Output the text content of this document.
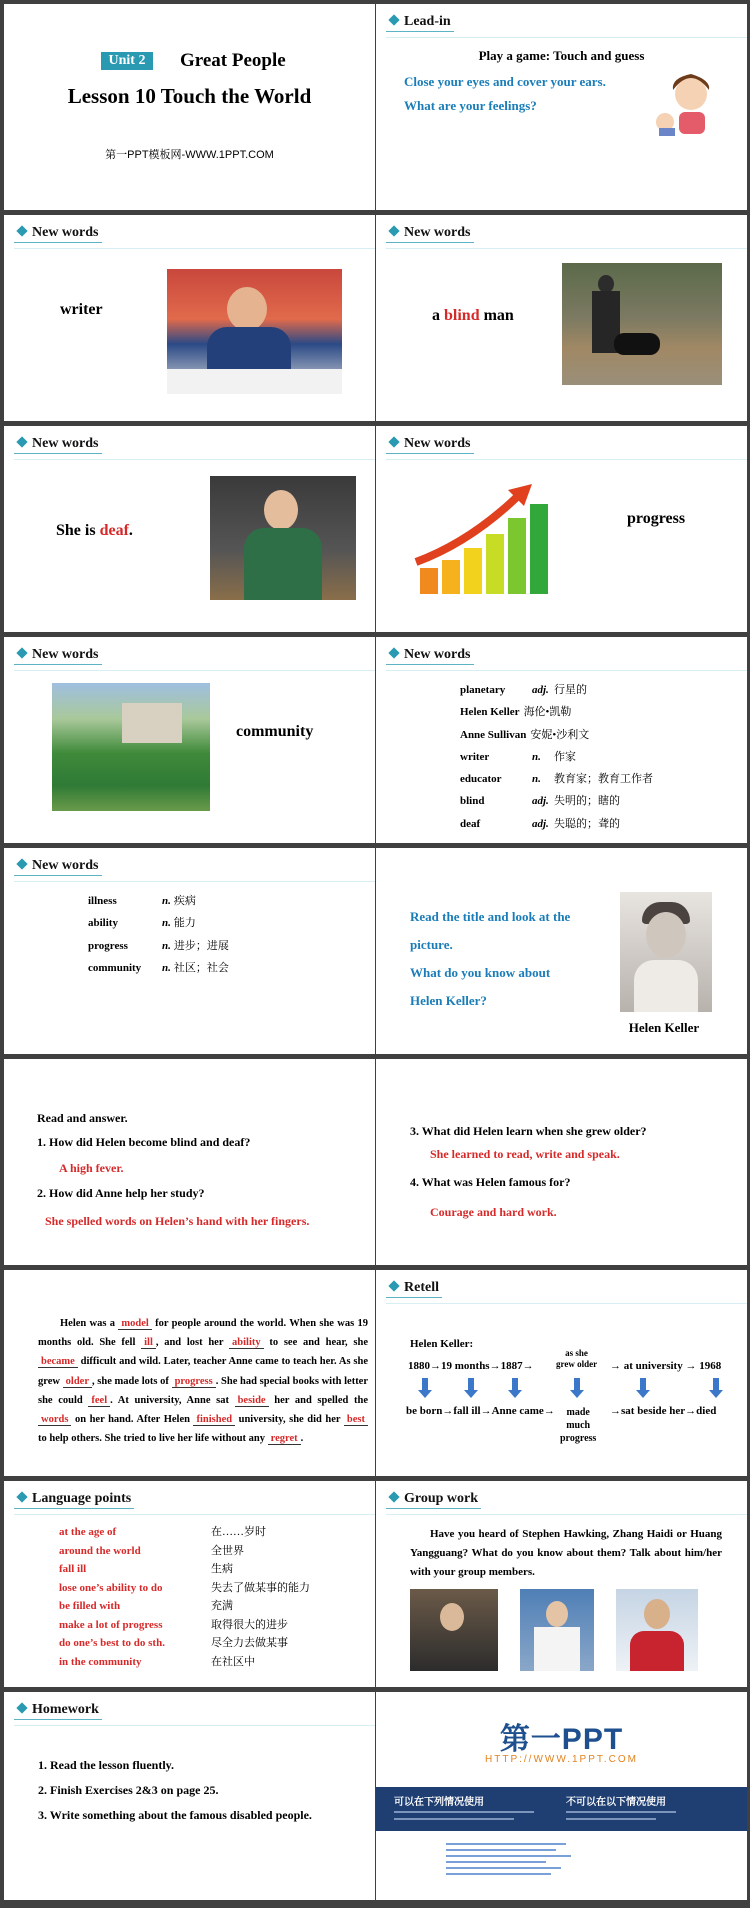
Unit 2	Great People
Lesson 10 Touch the World
第一PPT模板网-WWW.1PPT.COM
Lead-in
Play a game: Touch and guess
Close your eyes and cover your ears.
What are your feelings?
New words
writer
New words
a blind man
New words
She is deaf.
New words
progress
New words
community
New words
planetary adj. 行星的
Helen Keller 海伦•凯勒
Anne Sullivan 安妮•沙利文
writer	n. 作家
educator	n. 教育家；教育工作者
blind	adj. 失明的；瞎的
deaf	adj. 失聪的；聋的
New words
illness	n. 疾病
ability	n. 能力
progress	n. 进步；进展
community n. 社区；社会
Read the title and look at the
picture.
What do you know about
Helen Keller?
Helen Keller
Read and answer.
1. How did Helen become blind and deaf?
A high fever.
2. How did Anne help her study?
She spelled words on Helen’s hand with her fingers.
3. What did Helen learn when she grew older?
She learned to read, write and speak.
4. What was Helen famous for?
Courage and hard work.
Helen was a model for people around the world. When she was 19 months old. She fell ill , and lost her ability to see and hear, she became difficult and wild. Later, teacher Anne came to teach her. As she grew older , she made lots of progress . She had special books with letter she could feel . At university, Anne sat beside her and spelled the words on her hand. After Helen finished university, she did her best to help others. She tried to live her life without any regret .
Retell
Helen Keller:
1880→19 months→1887→
as she
grew older → at university → 1968
be born→fall ill→Anne came→	made
much
progress
→sat beside her→died
Language points
at the age of	在……岁时
around the world	全世界
fall ill	生病
lose one’s ability to do	失去了做某事的能力
be filled with	充满
make a lot of progress	取得很大的进步
do one’s best to do sth.	尽全力去做某事
in the community	在社区中
Group work
Have you heard of Stephen Hawking, Zhang Haidi or Huang Yangguang? What do you know about them? Talk about him/her with your group members.
Homework
1. Read the lesson fluently.
2. Finish Exercises 2&3 on page 25.
3. Write something about the famous disabled people.
第一PPT
HTTP://WWW.1PPT.COM
可以在下列情况使用	不可以在以下情况使用
